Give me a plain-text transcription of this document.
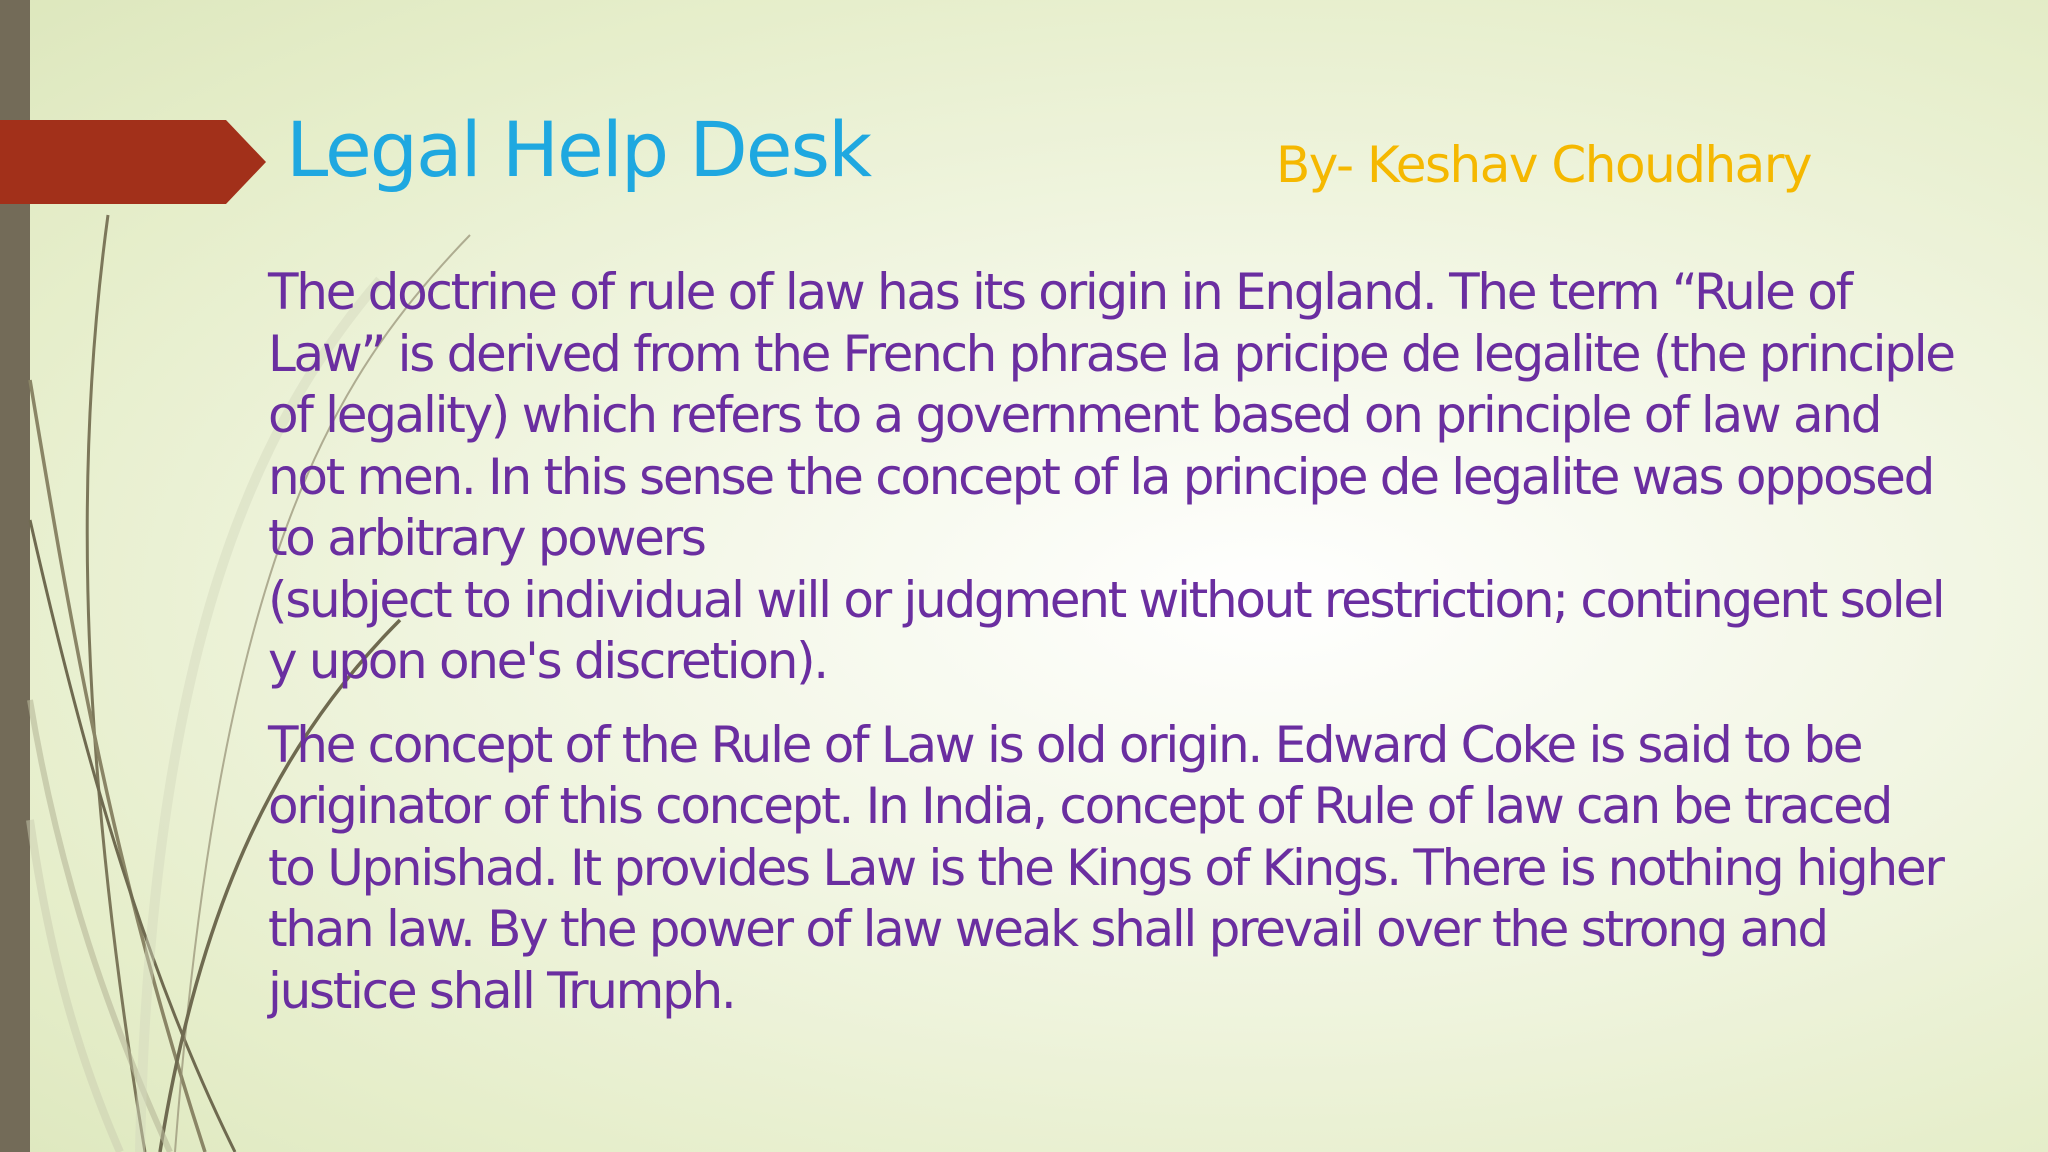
Legal Help Desk	By- Keshav Choudhary
The doctrine of rule of law has its origin in England. The term “Rule of
Law” is derived from the French phrase la pricipe de legalite (the principle
of legality) which refers to a government based on principle of law and
not men. In this sense the concept of la principe de legalite was opposed
to arbitrary powers
(subject to individual will or judgment without restriction; contingent solel
y upon one's discretion).
The concept of the Rule of Law is old origin. Edward Coke is said to be
originator of this concept. In India, concept of Rule of law can be traced
to Upnishad. It provides Law is the Kings of Kings. There is nothing higher
than law. By the power of law weak shall prevail over the strong and
justice shall Trumph.
